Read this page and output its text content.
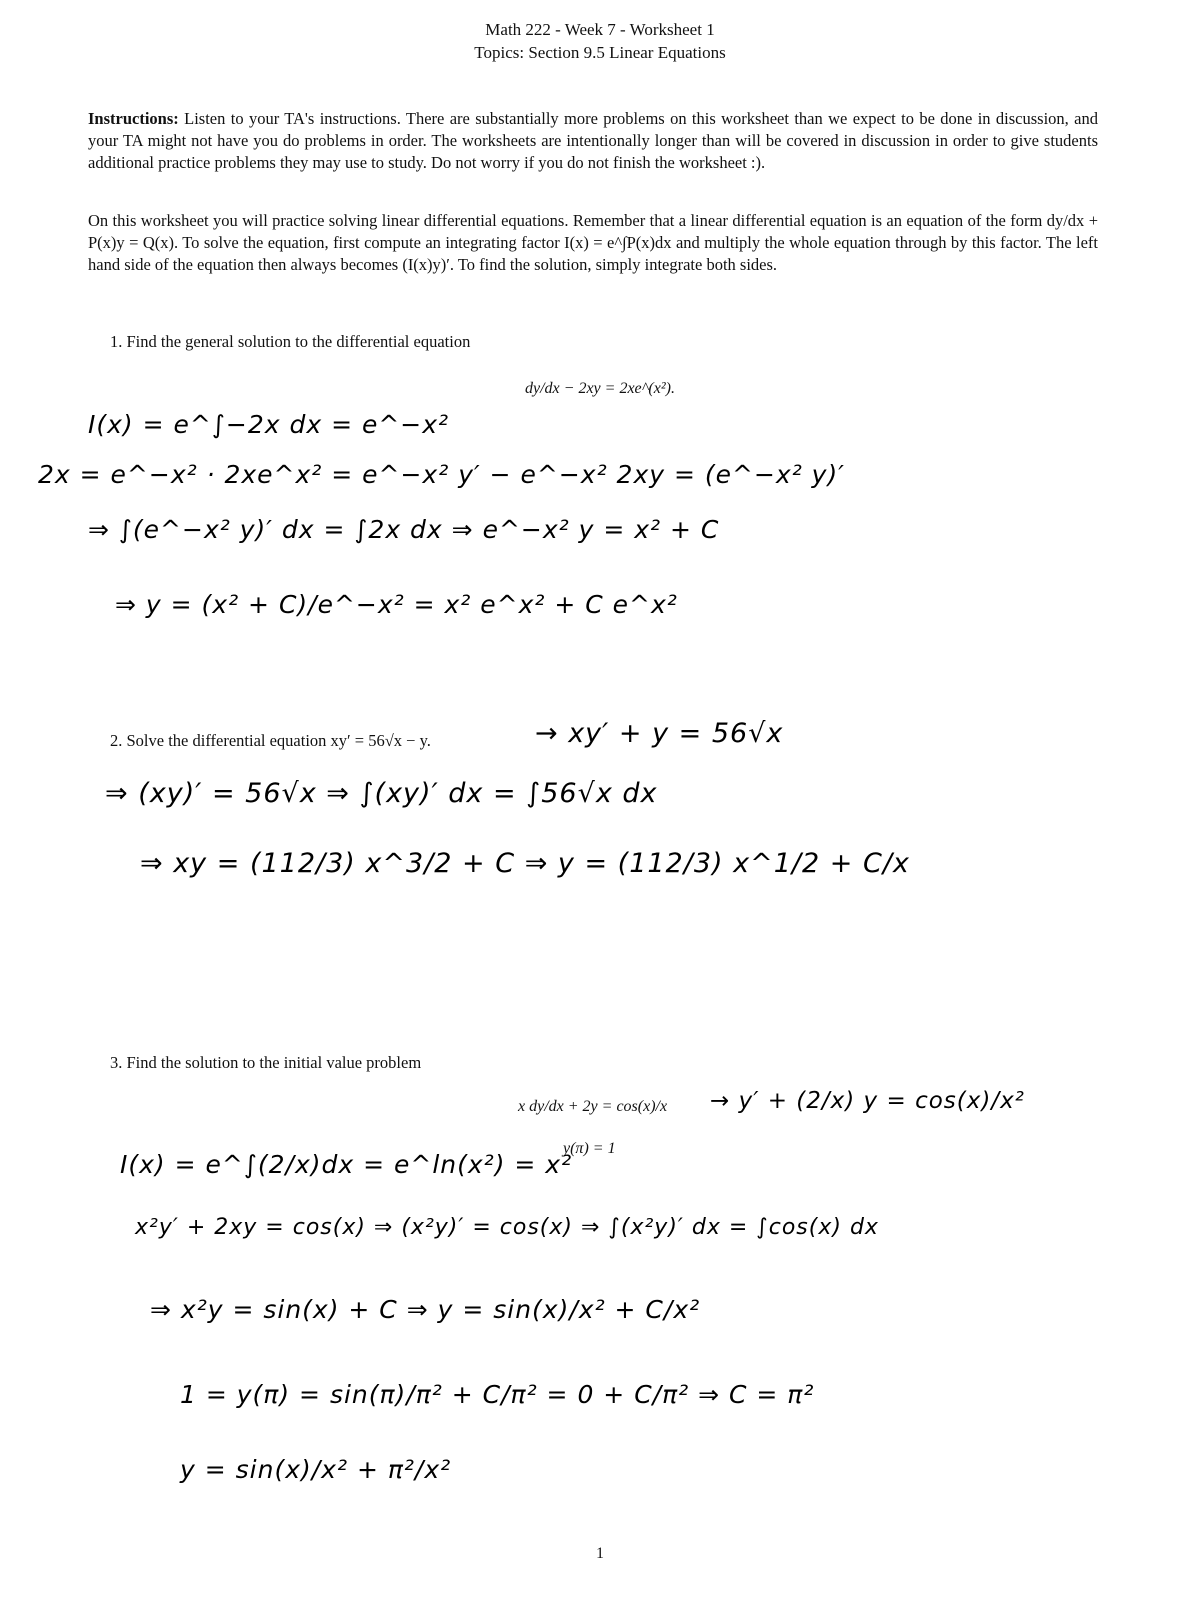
Math 222 - Week 7 - Worksheet 1
Topics: Section 9.5 Linear Equations
Instructions: Listen to your TA's instructions. There are substantially more problems on this worksheet than we expect to be done in discussion, and your TA might not have you do problems in order. The worksheets are intentionally longer than will be covered in discussion in order to give students additional practice problems they may use to study. Do not worry if you do not finish the worksheet :).
On this worksheet you will practice solving linear differential equations. Remember that a linear differential equation is an equation of the form dy/dx + P(x)y = Q(x). To solve the equation, first compute an integrating factor I(x) = e^∫P(x)dx and multiply the whole equation through by this factor. The left hand side of the equation then always becomes (I(x)y)′. To find the solution, simply integrate both sides.
1. Find the general solution to the differential equation
dy/dx − 2xy = 2xe^(x²).
I(x) = e^∫−2x dx = e^−x²
2x = e^−x² · 2xe^x² = e^−x² y′ − e^−x² 2xy = (e^−x² y)′
⇒ ∫(e^−x² y)′ dx = ∫2x dx ⇒ e^−x² y = x² + C
⇒ y = (x² + C)/e^−x² = x² e^x² + C e^x²
2. Solve the differential equation xy′ = 56√x − y.	→ xy′ + y = 56√x
⇒ (xy)′ = 56√x ⇒ ∫(xy)′ dx = ∫56√x dx
⇒ xy = (112/3) x^3/2 + C ⇒ y = (112/3) x^1/2 + C/x
3. Find the solution to the initial value problem
x dy/dx + 2y = cos(x)/x
y(π) = 1
→ y′ + (2/x) y = cos(x)/x²
I(x) = e^∫(2/x)dx = e^ln(x²) = x²
x²y′ + 2xy = cos(x) ⇒ (x²y)′ = cos(x) ⇒ ∫(x²y)′ dx = ∫cos(x) dx
⇒ x²y = sin(x) + C ⇒ y = sin(x)/x² + C/x²
1 = y(π) = sin(π)/π² + C/π² = 0 + C/π² ⇒ C = π²
y = sin(x)/x² + π²/x²
1
